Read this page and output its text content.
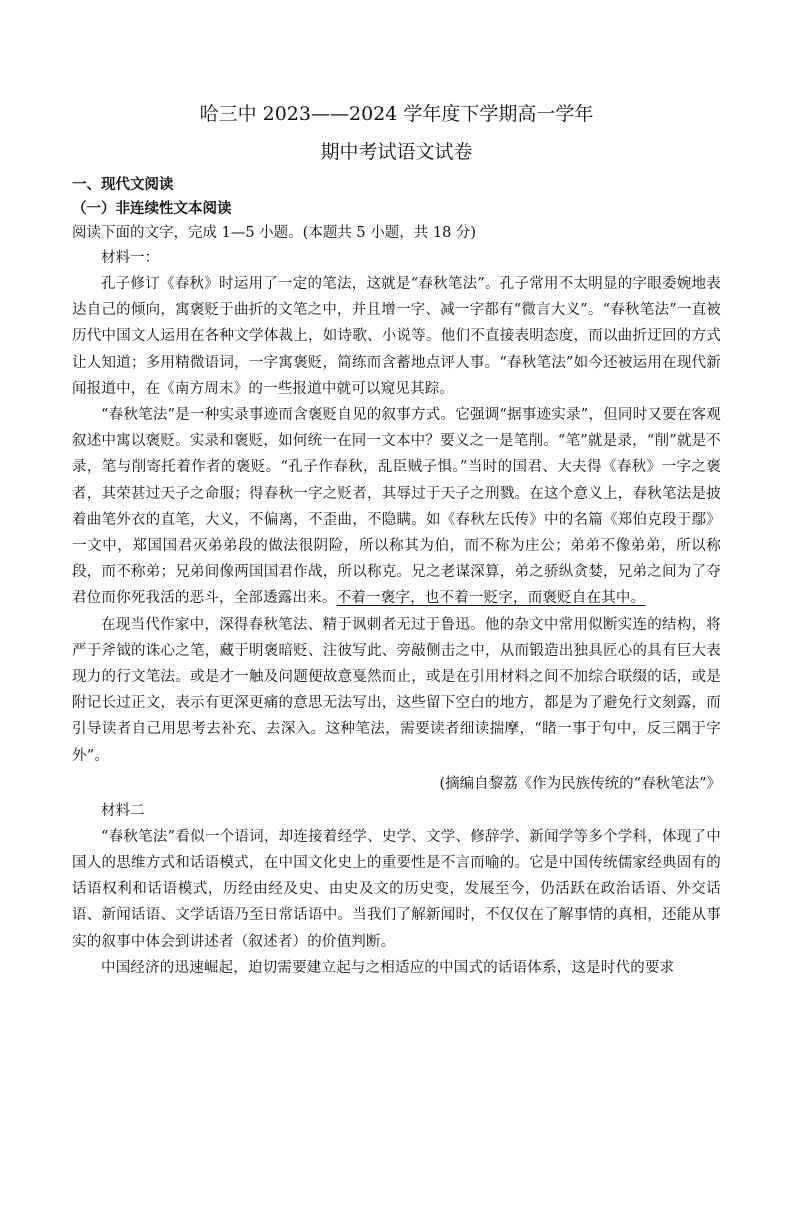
哈三中 2023——2024 学年度下学期高一学年
期中考试语文试卷
一、现代文阅读
（一）非连续性文本阅读
阅读下面的文字，完成 1—5 小题。(本题共 5 小题，共 18 分)
材料一：

孔子修订《春秋》时运用了一定的笔法，这就是“春秋笔法”。孔子常用不太明显的字眼委婉地表达自己的倾向，寓褒贬于曲折的文笔之中，并且增一字、减一字都有“微言大义”。“春秋笔法”一直被历代中国文人运用在各种文学体裁上，如诗歌、小说等。他们不直接表明态度，而以曲折迂回的方式让人知道；多用精微语词，一字寓褒贬，简练而含蓄地点评人事。“春秋笔法”如今还被运用在现代新闻报道中，在《南方周末》的一些报道中就可以窥见其踪。

“春秋笔法”是一种实录事迹而含褒贬自见的叙事方式。它强调“据事迹实录”，但同时又要在客观叙述中寓以褒贬。实录和褒贬，如何统一在同一文本中？要义之一是笔削。“笔”就是录，“削”就是不录，笔与削寄托着作者的褒贬。“孔子作春秋，乱臣贼子惧。”当时的国君、大夫得《春秋》一字之褒者，其荣甚过天子之命服；得春秋一字之贬者，其辱过于天子之刑戮。在这个意义上，春秋笔法是披着曲笔外衣的直笔，大义，不偏离，不歪曲，不隐瞒。如《春秋左氏传》中的名篇《郑伯克段于鄢》一文中，郑国国君灭弟弟段的做法很阴险，所以称其为伯，而不称为庄公；弟弟不像弟弟，所以称段，而不称弟；兄弟间像两国国君作战，所以称克。兄之老谋深算，弟之骄纵贪婪，兄弟之间为了夺君位而你死我活的恶斗，全部透露出来。不着一褒字，也不着一贬字，而褒贬自在其中。

在现当代作家中，深得春秋笔法、精于讽刺者无过于鲁迅。他的杂文中常用似断实连的结构，将严于斧钺的诛心之笔，藏于明褒暗贬、注彼写此、旁敲侧击之中，从而锻造出独具匠心的具有巨大表现力的行文笔法。或是才一触及问题便故意戛然而止，或是在引用材料之间不加综合联缀的话，或是附记长过正文，表示有更深更痛的意思无法写出，这些留下空白的地方，都是为了避免行文刻露，而引导读者自己用思考去补充、去深入。这种笔法，需要读者细读揣摩，“睹一事于句中，反三隅于字外”。

(摘编自黎荔《作为民族传统的“春秋笔法”》
材料二

“春秋笔法”看似一个语词，却连接着经学、史学、文学、修辞学、新闻学等多个学科，体现了中国人的思维方式和话语模式，在中国文化史上的重要性是不言而喻的。它是中国传统儒家经典固有的话语权利和话语模式，历经由经及史、由史及文的历史变，发展至今，仍活跃在政治话语、外交话语、新闻话语、文学话语乃至日常话语中。当我们了解新闻时，不仅仅在了解事情的真相，还能从事实的叙事中体会到讲述者（叙述者）的价值判断。

中国经济的迅速崛起，迫切需要建立起与之相适应的中国式的话语体系，这是时代的要求
